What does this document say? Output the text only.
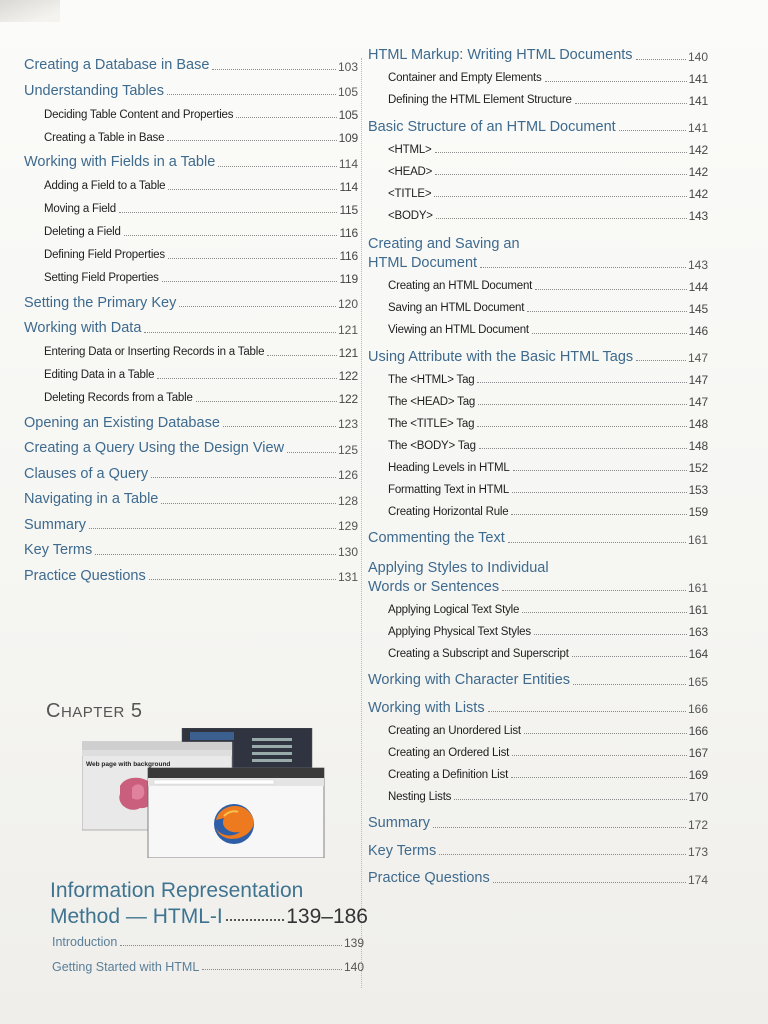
Creating a Database in Base	103
Understanding Tables	105
Deciding Table Content and Properties	105
Creating a Table in Base	109
Working with Fields in a Table	114
Adding a Field to a Table	114
Moving a Field	115
Deleting a Field	116
Defining Field Properties	116
Setting Field Properties	119
Setting the Primary Key	120
Working with Data	121
Entering Data or Inserting Records in a Table	121
Editing Data in a Table	122
Deleting Records from a Table	122
Opening an Existing Database	123
Creating a Query Using the Design View	125
Clauses of a Query	126
Navigating in a Table	128
Summary	129
Key Terms	130
Practice Questions	131
HTML Markup: Writing HTML Documents	140
Container and Empty Elements	141
Defining the HTML Element Structure	141
Basic Structure of an HTML Document	141
<HTML>	142
<HEAD>	142
<TITLE>	142
<BODY>	143
Creating and Saving an
HTML Document	143
Creating an HTML Document	144
Saving an HTML Document	145
Viewing an HTML Document	146
Using Attribute with the Basic HTML Tags	147
The <HTML> Tag	147
The <HEAD> Tag	147
The <TITLE> Tag	148
The <BODY> Tag	148
Heading Levels in HTML	152
Formatting Text in HTML	153
Creating Horizontal Rule	159
Commenting the Text	161
Applying Styles to Individual
Words or Sentences	161
Applying Logical Text Style	161
Applying Physical Text Styles	163
Creating a Subscript and Superscript	164
Working with Character Entities	165
Working with Lists	166
Creating an Unordered List	166
Creating an Ordered List	167
Creating a Definition List	169
Nesting Lists	170
Summary	172
Key Terms	173
Practice Questions	174
CHAPTER 5
Web page with background
Information Representation
Method — HTML-I	139–186
Introduction	139
Getting Started with HTML	140
